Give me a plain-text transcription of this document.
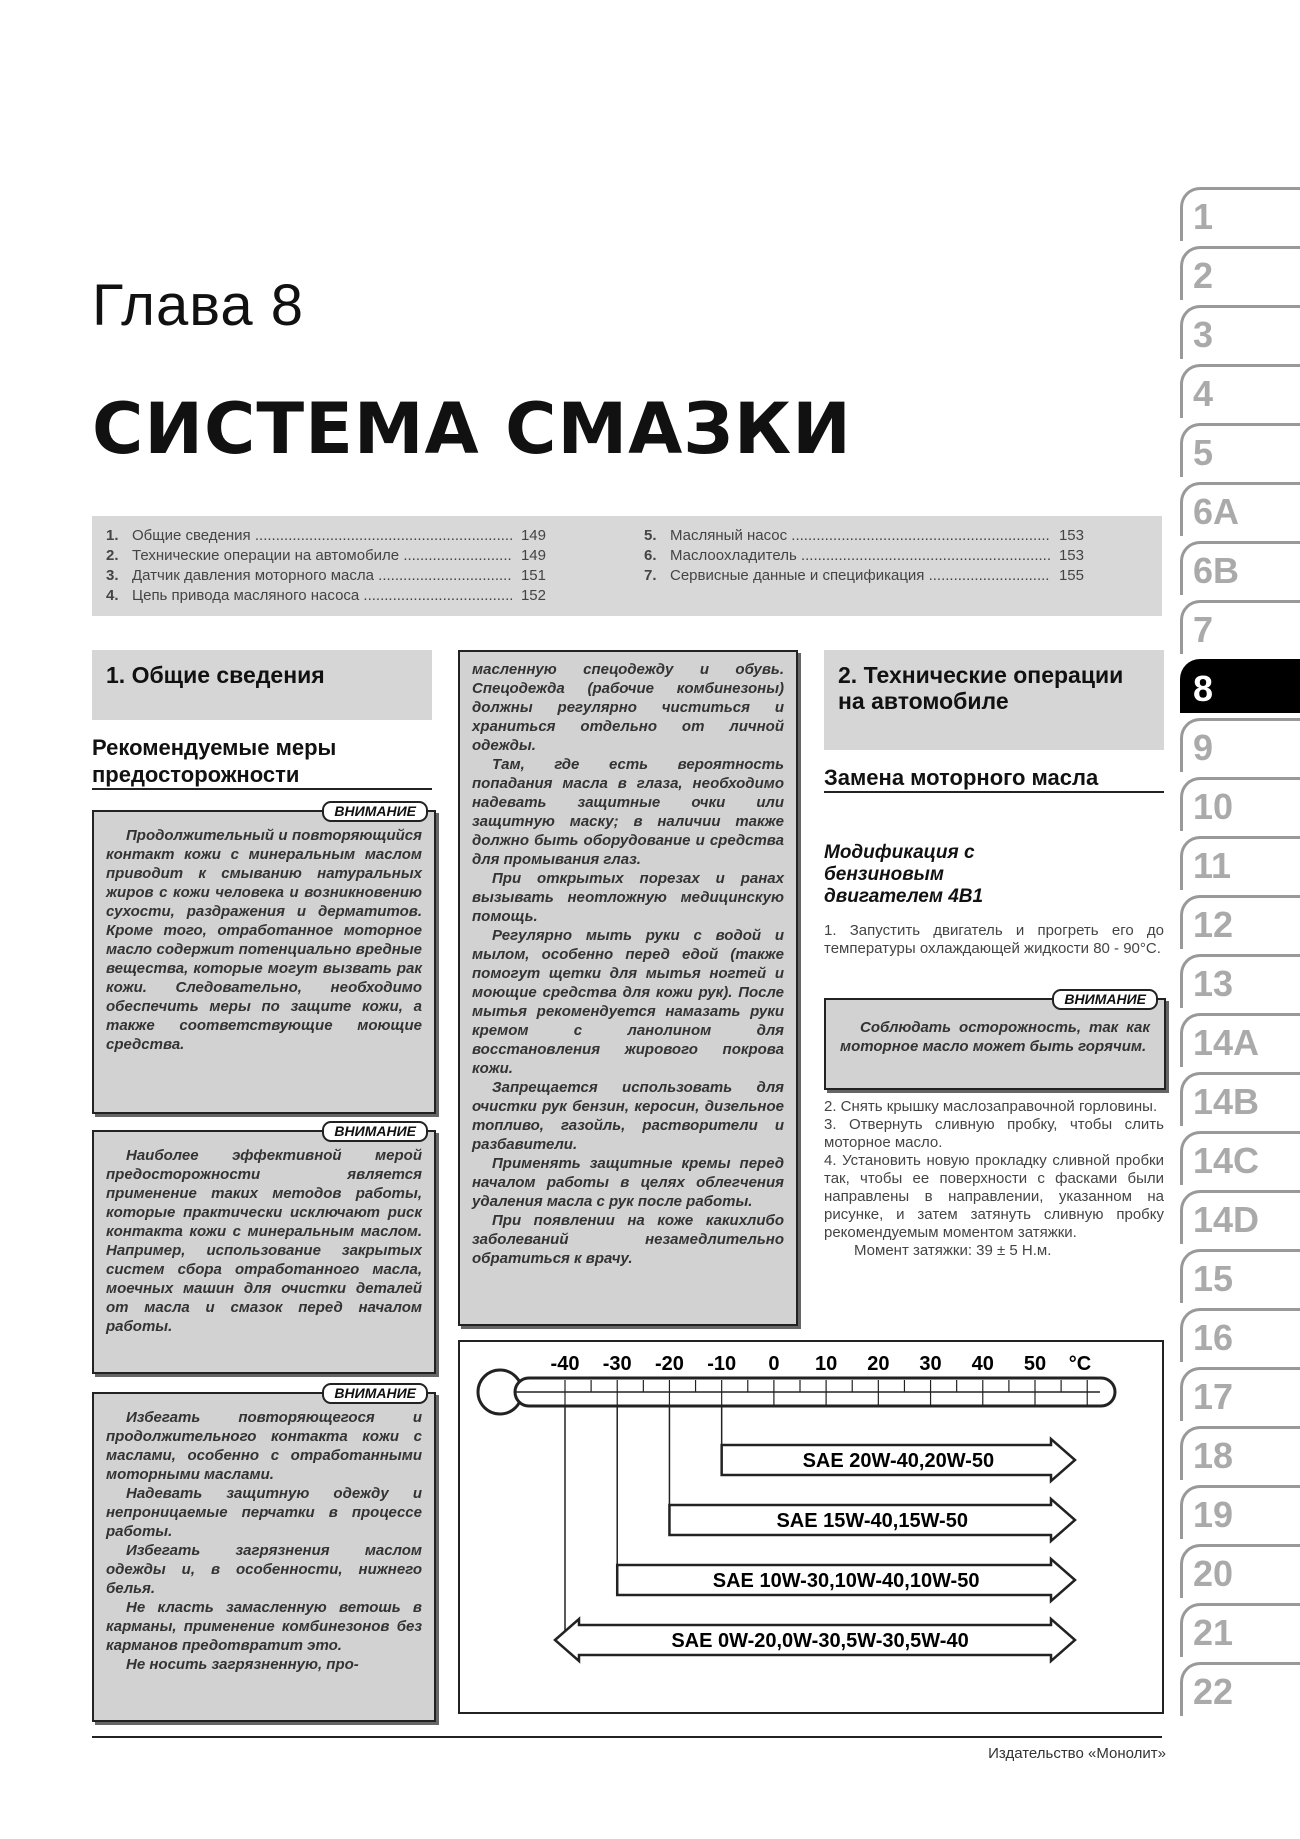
Глава 8
СИСТЕМА СМАЗКИ
1. Общие сведения .....	149
2. Технические операции на автомобиле .....	149
3. Датчик давления моторного масла .....	151
4. Цепь привода масляного насоса .....	152
5. Масляный насос .....	153
6. Маслоохладитель .....	153
7. Сервисные данные и спецификация .....	155
1. Общие сведения
Рекомендуемые меры предосторожности
ВНИМАНИЕ

Продолжительный и повторяющийся контакт кожи с минеральным маслом приводит к смыванию натуральных жиров с кожи человека и возникновению сухости, раздражения и дерматитов. Кроме того, отработанное моторное масло содержит потенциально вредные вещества, которые могут вызвать рак кожи. Следовательно, необходимо обеспечить меры по защите кожи, а также соответствующие моющие средства.

ВНИМАНИЕ

Наиболее эффективной мерой предосторожности является применение таких методов работы, которые практически исключают риск контакта кожи с минеральным маслом. Например, использование закрытых систем сбора отработанного масла, моечных машин для очистки деталей от масла и смазок перед началом работы.

ВНИМАНИЕ

Избегать повторяющегося и продолжительного контакта кожи с маслами, особенно с отработанными моторными маслами.

Надевать защитную одежду и непроницаемые перчатки в процессе работы.

Избегать загрязнения маслом одежды и, в особенности, нижнего белья.

Не класть замасленную ветошь в карманы, применение комбинезонов без карманов предотвратит это.

Не носить загрязненную, про-

масленную спецодежду и обувь. Спецодежда (рабочие комбинезоны) должны регулярно чиститься и храниться отдельно от личной одежды.

Там, где есть вероятность попадания масла в глаза, необходимо надевать защитные очки или защитную маску; в наличии также должно быть оборудование и средства для промывания глаз.

При открытых порезах и ранах вызывать неотложную медицинскую помощь.

Регулярно мыть руки с водой и мылом, особенно перед едой (также помогут щетки для мытья ногтей и моющие средства для кожи рук). После мытья рекомендуется намазать руки кремом с ланолином для восстановления жирового покрова кожи.

Запрещается использовать для очистки рук бензин, керосин, дизельное топливо, газойль, растворители и разбавители.

Применять защитные кремы перед началом работы в целях облегчения удаления масла с рук после работы.

При появлении на коже какихлибо заболеваний незамедлительно обратиться к врачу.

2. Технические операции на автомобиле
Замена моторного масла
Модификация с бензиновым двигателем 4В1
1. Запустить двигатель и прогреть его до температуры охлаждающей жидкости 80 - 90°С.
ВНИМАНИЕ

Соблюдать осторожность, так как моторное масло может быть горячим.

2. Снять крышку маслозаправочной горловины.

3. Отвернуть сливную пробку, чтобы слить моторное масло.

4. Установить новую прокладку сливной пробки так, чтобы ее поверхности с фасками были направлены в направлении, указанном на рисунке, и затем затянуть сливную пробку рекомендуемым моментом затяжки.

Момент затяжки: 39 ± 5 Н.м.

-40 -30 -20 -10 0 10 20 30 40 50 °C
SAE 20W-40,20W-50
SAE 15W-40,15W-50
SAE 10W-30,10W-40,10W-50
SAE 0W-20,0W-30,5W-30,5W-40
1
2
3
4
5
6A
6B
7
8
9
10
11
12
13
14A
14B
14C
14D
15
16
17
18
19
20
21
22
Издательство «Монолит»
